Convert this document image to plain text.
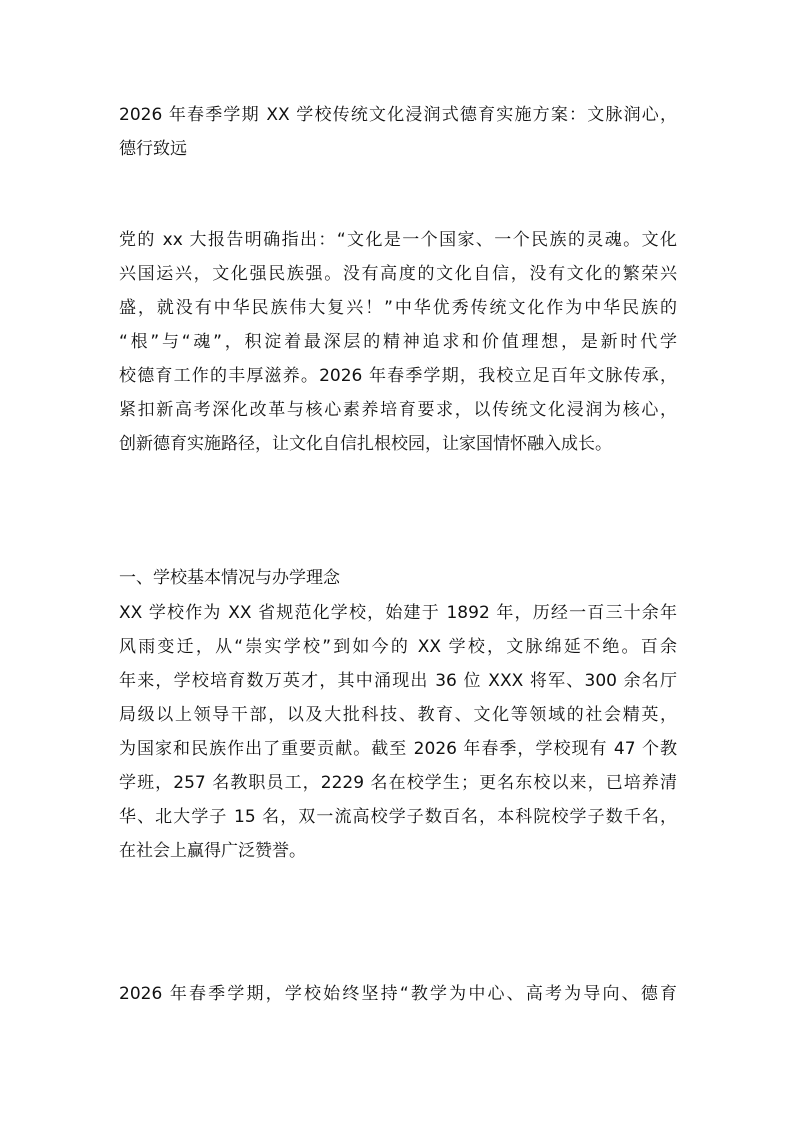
2026 年春季学期 XX 学校传统文化浸润式德育实施方案：文脉润心，
德行致远
党的 xx 大报告明确指出：“文化是一个国家、一个民族的灵魂。文化
兴国运兴，文化强民族强。没有高度的文化自信，没有文化的繁荣兴
盛，就没有中华民族伟大复兴！”中华优秀传统文化作为中华民族的
“根”与“魂”，积淀着最深层的精神追求和价值理想，是新时代学
校德育工作的丰厚滋养。2026 年春季学期，我校立足百年文脉传承，
紧扣新高考深化改革与核心素养培育要求，以传统文化浸润为核心，
创新德育实施路径，让文化自信扎根校园，让家国情怀融入成长。
一、学校基本情况与办学理念
XX 学校作为 XX 省规范化学校，始建于 1892 年，历经一百三十余年
风雨变迁，从“崇实学校”到如今的 XX 学校，文脉绵延不绝。百余
年来，学校培育数万英才，其中涌现出 36 位 XXX 将军、300 余名厅
局级以上领导干部，以及大批科技、教育、文化等领域的社会精英，
为国家和民族作出了重要贡献。截至 2026 年春季，学校现有 47 个教
学班，257 名教职员工，2229 名在校学生；更名东校以来，已培养清
华、北大学子 15 名，双一流高校学子数百名，本科院校学子数千名，
在社会上赢得广泛赞誉。
2026 年春季学期，学校始终坚持“教学为中心、高考为导向、德育
